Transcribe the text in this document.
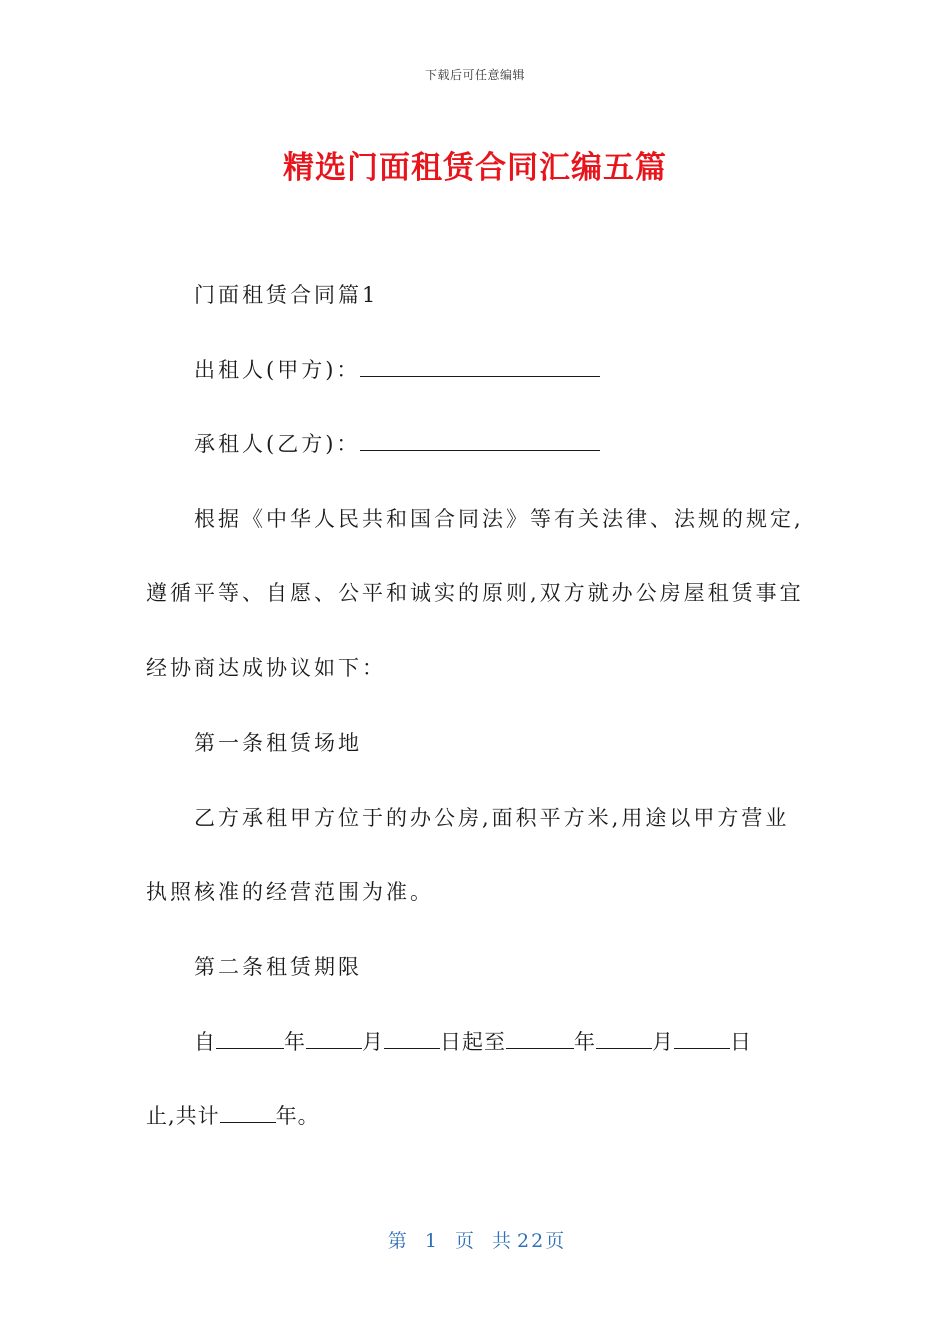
下载后可任意编辑
精选门面租赁合同汇编五篇
门面租赁合同篇1
出租人(甲方)：
承租人(乙方)：
根据《中华人民共和国合同法》等有关法律、法规的规定,
遵循平等、自愿、公平和诚实的原则,双方就办公房屋租赁事宜
经协商达成协议如下：
第一条租赁场地
乙方承租甲方位于的办公房,面积平方米,用途以甲方营业
执照核准的经营范围为准。
第二条租赁期限
自	年	月	日起至	年	月	日
止,共计	年。
第 1 页 共 22页
